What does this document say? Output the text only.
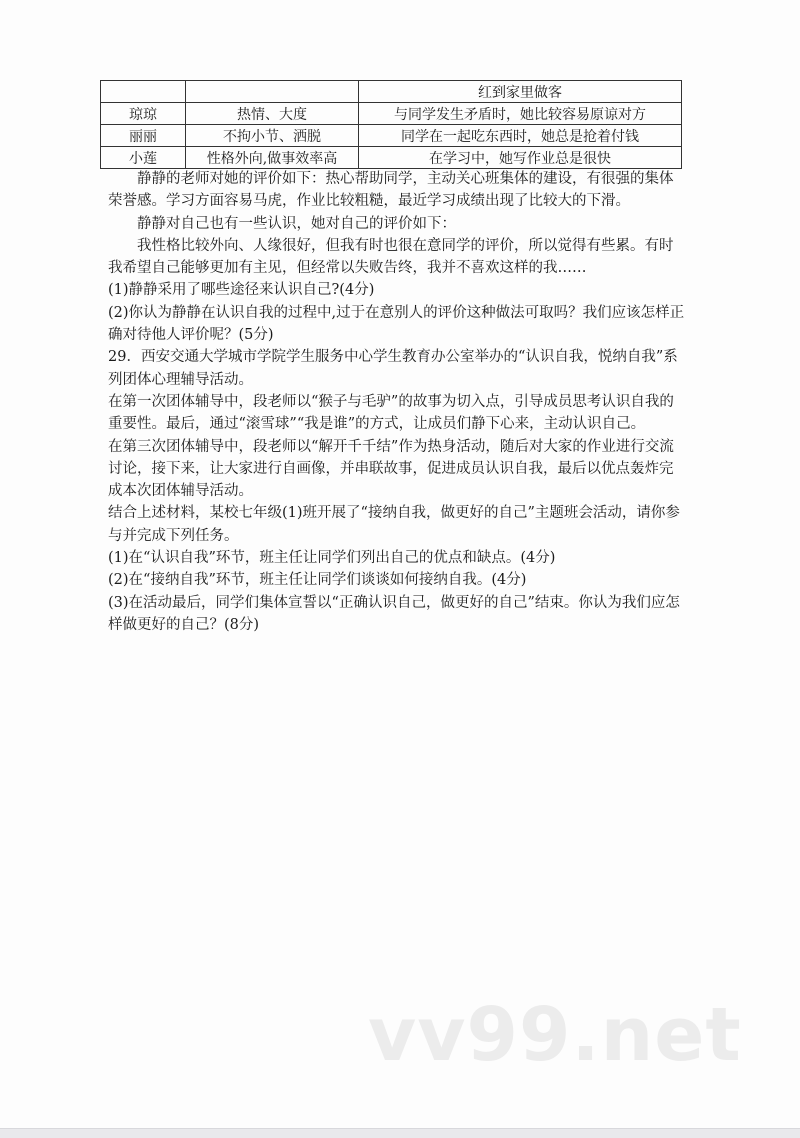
		红到家里做客
琼琼	热情、大度	与同学发生矛盾时，她比较容易原谅对方
丽丽	不拘小节、洒脱	同学在一起吃东西时，她总是抢着付钱
小莲	性格外向,做事效率高	在学习中，她写作业总是很快

静静的老师对她的评价如下：热心帮助同学，主动关心班集体的建设，有很强的集体荣誉感。学习方面容易马虎，作业比较粗糙，最近学习成绩出现了比较大的下滑。

静静对自己也有一些认识，她对自己的评价如下：

我性格比较外向、人缘很好，但我有时也很在意同学的评价，所以觉得有些累。有时我希望自己能够更加有主见，但经常以失败告终，我并不喜欢这样的我……

(1)静静采用了哪些途径来认识自己?(4分)

(2)你认为静静在认识自我的过程中,过于在意别人的评价这种做法可取吗？我们应该怎样正确对待他人评价呢？(5分)

29．西安交通大学城市学院学生服务中心学生教育办公室举办的“认识自我，悦纳自我”系列团体心理辅导活动。

在第一次团体辅导中，段老师以“猴子与毛驴”的故事为切入点，引导成员思考认识自我的重要性。最后，通过“滚雪球”“我是谁”的方式，让成员们静下心来，主动认识自己。

在第三次团体辅导中，段老师以“解开千千结”作为热身活动，随后对大家的作业进行交流讨论，接下来，让大家进行自画像，并串联故事，促进成员认识自我，最后以优点轰炸完成本次团体辅导活动。

结合上述材料，某校七年级(1)班开展了“接纳自我，做更好的自己”主题班会活动，请你参与并完成下列任务。

(1)在“认识自我”环节，班主任让同学们列出自己的优点和缺点。(4分)

(2)在“接纳自我”环节，班主任让同学们谈谈如何接纳自我。(4分)

(3)在活动最后，同学们集体宣誓以“正确认识自己，做更好的自己”结束。你认为我们应怎样做更好的自己？(8分)

vv99.net
